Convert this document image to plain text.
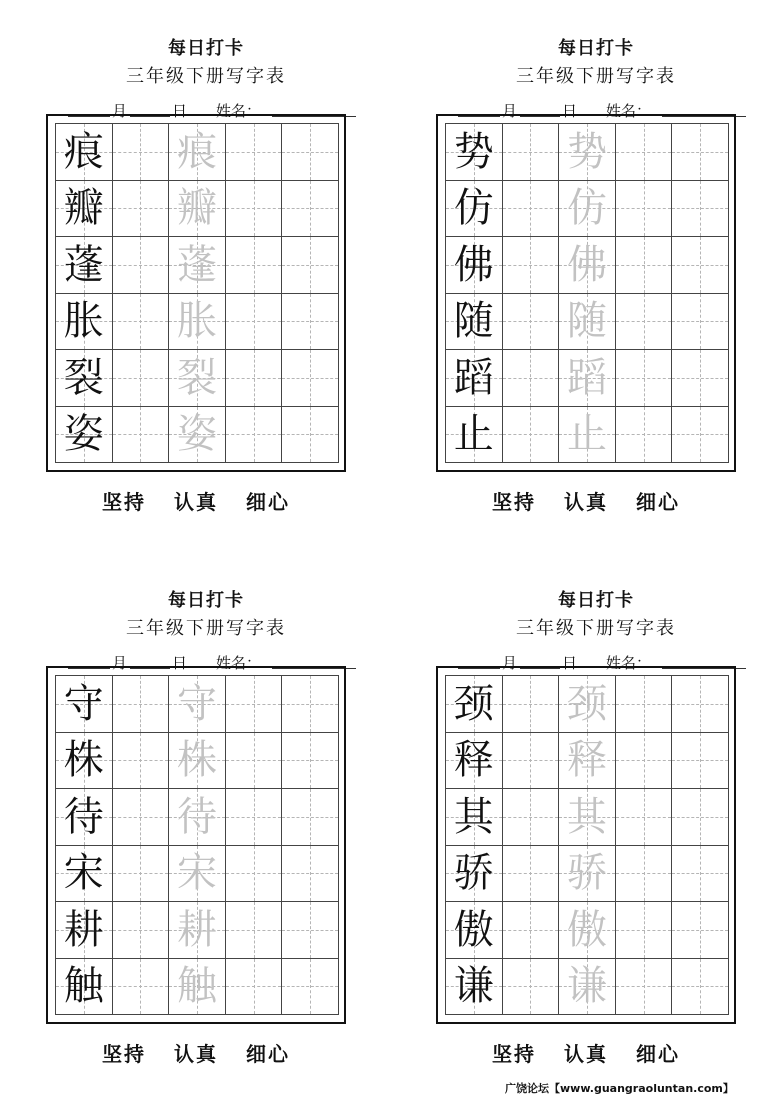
每日打卡
三年级下册写字表
月	日 姓名：
痕 痕
瓣 瓣
蓬 蓬
胀 胀
裂 裂
姿 姿
坚持 认真 细心
每日打卡
三年级下册写字表
月	日 姓名：
势 势
仿 仿
佛 佛
随 随
蹈 蹈
止 止
坚持 认真 细心
每日打卡
三年级下册写字表
月	日 姓名：
守 守
株 株
待 待
宋 宋
耕 耕
触 触
坚持 认真 细心
每日打卡
三年级下册写字表
月	日 姓名：
颈 颈
释 释
其 其
骄 骄
傲 傲
谦 谦
坚持 认真 细心
广饶论坛【www.guangraoluntan.com】
